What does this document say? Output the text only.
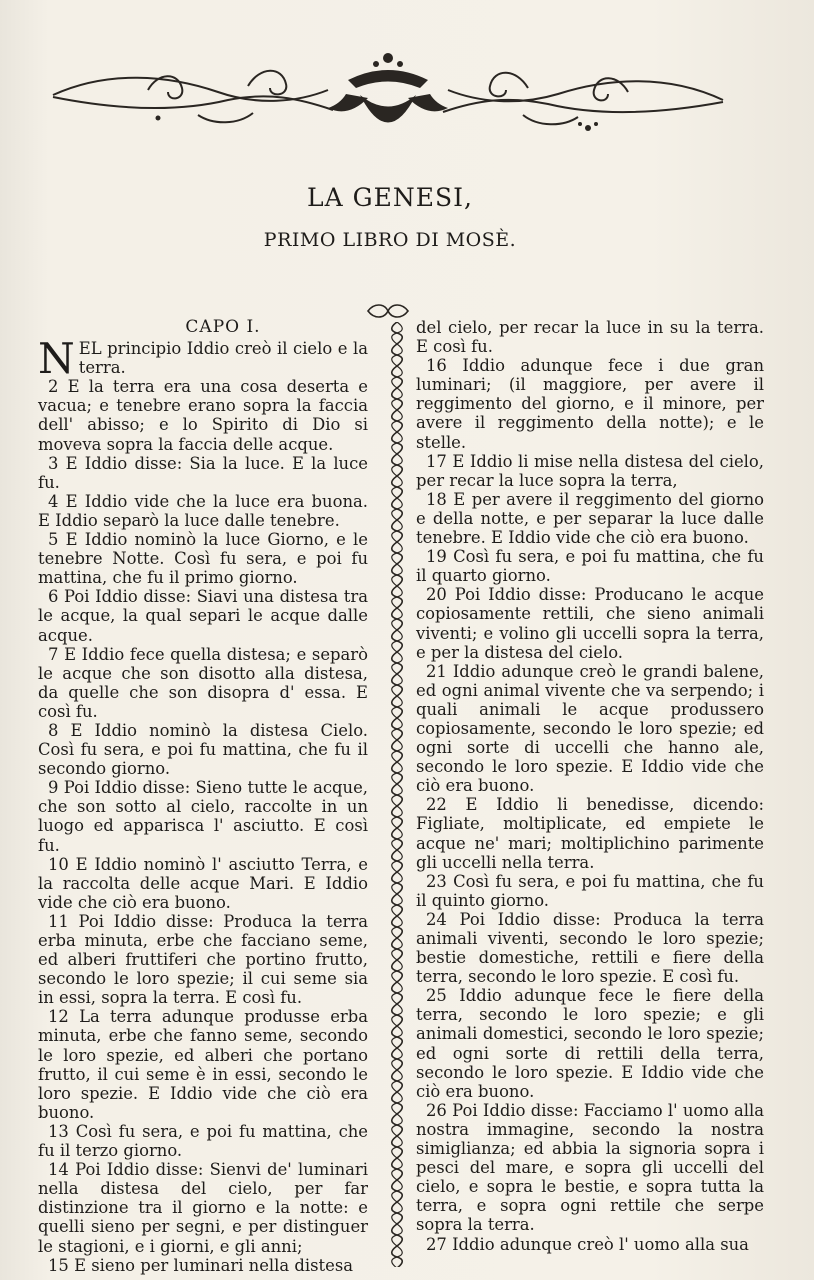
LA GENESI,
PRIMO LIBRO DI MOSÈ.
CAPO I.

NEL principio Iddio creò il cielo e la terra.

2 E la terra era una cosa deserta e vacua; e tenebre erano sopra la faccia dell' abisso; e lo Spirito di Dio si moveva sopra la faccia delle acque.

3 E Iddio disse: Sia la luce. E la luce fu.

4 E Iddio vide che la luce era buona. E Iddio separò la luce dalle tenebre.

5 E Iddio nominò la luce Giorno, e le tenebre Notte. Così fu sera, e poi fu mattina, che fu il primo giorno.

6 Poi Iddio disse: Siavi una distesa tra le acque, la qual separi le acque dalle acque.

7 E Iddio fece quella distesa; e separò le acque che son disotto alla distesa, da quelle che son disopra d' essa. E così fu.

8 E Iddio nominò la distesa Cielo. Così fu sera, e poi fu mattina, che fu il secondo giorno.

9 Poi Iddio disse: Sieno tutte le acque, che son sotto al cielo, raccolte in un luogo ed apparisca l' asciutto. E così fu.

10 E Iddio nominò l' asciutto Terra, e la raccolta delle acque Mari. E Iddio vide che ciò era buono.

11 Poi Iddio disse: Produca la terra erba minuta, erbe che facciano seme, ed alberi fruttiferi che portino frutto, secondo le loro spezie; il cui seme sia in essi, sopra la terra. E così fu.

12 La terra adunque produsse erba minuta, erbe che fanno seme, secondo le loro spezie, ed alberi che portano frutto, il cui seme è in essi, secondo le loro spezie. E Iddio vide che ciò era buono.

13 Così fu sera, e poi fu mattina, che fu il terzo giorno.

14 Poi Iddio disse: Sienvi de' luminari nella distesa del cielo, per far distinzione tra il giorno e la notte: e quelli sieno per segni, e per distinguer le stagioni, e i giorni, e gli anni;

15 E sieno per luminari nella distesa

del cielo, per recar la luce in su la terra. E così fu.

16 Iddio adunque fece i due gran luminari; (il maggiore, per avere il reggimento del giorno, e il minore, per avere il reggimento della notte); e le stelle.

17 E Iddio li mise nella distesa del cielo, per recar la luce sopra la terra,

18 E per avere il reggimento del giorno e della notte, e per separar la luce dalle tenebre. E Iddio vide che ciò era buono.

19 Così fu sera, e poi fu mattina, che fu il quarto giorno.

20 Poi Iddio disse: Producano le acque copiosamente rettili, che sieno animali viventi; e volino gli uccelli sopra la terra, e per la distesa del cielo.

21 Iddio adunque creò le grandi balene, ed ogni animal vivente che va serpendo; i quali animali le acque produssero copiosamente, secondo le loro spezie; ed ogni sorte di uccelli che hanno ale, secondo le loro spezie. E Iddio vide che ciò era buono.

22 E Iddio li benedisse, dicendo: Figliate, moltiplicate, ed empiete le acque ne' mari; moltiplichino parimente gli uccelli nella terra.

23 Così fu sera, e poi fu mattina, che fu il quinto giorno.

24 Poi Iddio disse: Produca la terra animali viventi, secondo le loro spezie; bestie domestiche, rettili e fiere della terra, secondo le loro spezie. E così fu.

25 Iddio adunque fece le fiere della terra, secondo le loro spezie; e gli animali domestici, secondo le loro spezie; ed ogni sorte di rettili della terra, secondo le loro spezie. E Iddio vide che ciò era buono.

26 Poi Iddio disse: Facciamo l' uomo alla nostra immagine, secondo la nostra simiglianza; ed abbia la signoria sopra i pesci del mare, e sopra gli uccelli del cielo, e sopra le bestie, e sopra tutta la terra, e sopra ogni rettile che serpe sopra la terra.

27 Iddio adunque creò l' uomo alla sua
